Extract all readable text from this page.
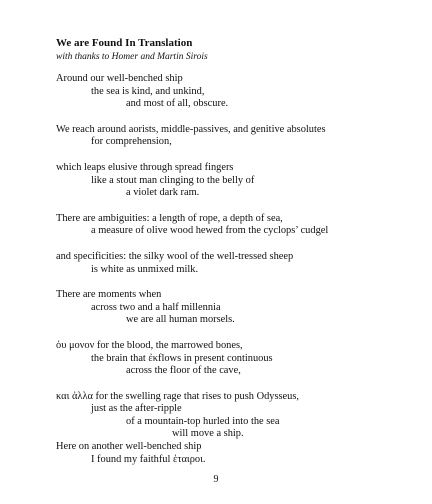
We are Found In Translation
with thanks to Homer and Martin Sirois
Around our well-benched ship
the sea is kind, and unkind,
and most of all, obscure.
We reach around aorists, middle-passives, and genitive absolutes
for comprehension,
which leaps elusive through spread fingers
like a stout man clinging to the belly of
a violet dark ram.
There are ambiguities: a length of rope, a depth of sea,
a measure of olive wood hewed from the cyclops’ cudgel
and specificities: the silky wool of the well-tressed sheep
is white as unmixed milk.
There are moments when
across two and a half millennia
we are all human morsels.
ὀυ μονον for the blood, the marrowed bones,
the brain that ἐκflows in present continuous
across the floor of the cave,
και ἀλλα for the swelling rage that rises to push Odysseus,
just as the after-ripple
of a mountain-top hurled into the sea
will move a ship.
Here on another well-benched ship
I found my faithful ἑταιροι.
9
